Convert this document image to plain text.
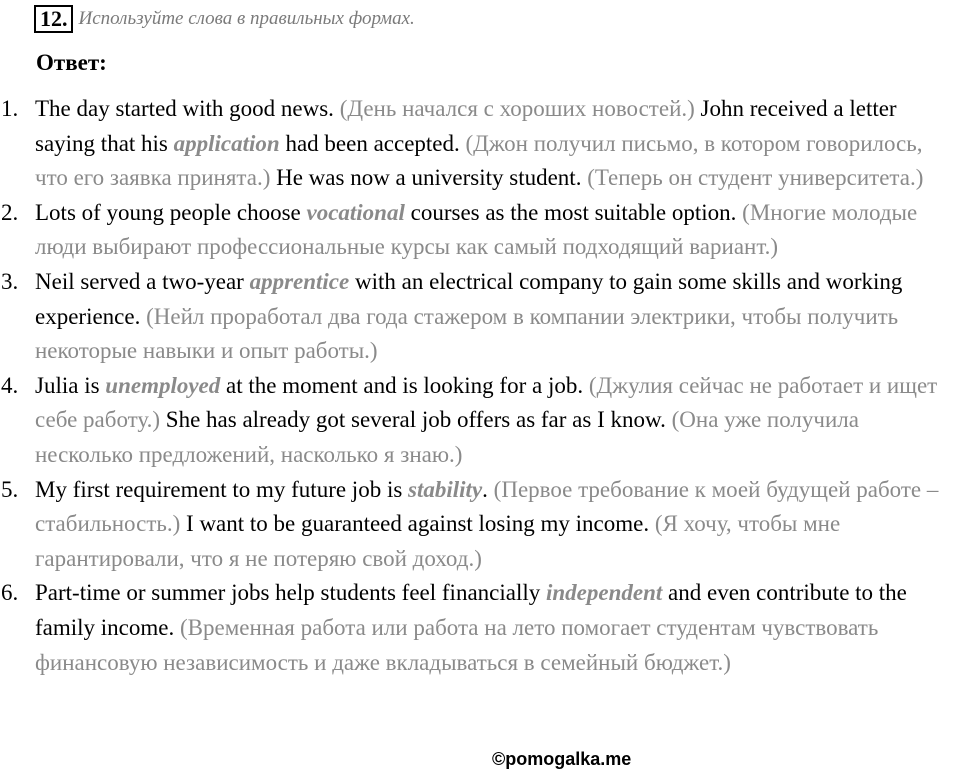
12. Используйте слова в правильных формах.
Ответ:
1. The day started with good news. (День начался с хороших новостей.) John received a letter saying that his application had been accepted. (Джон получил письмо, в котором говорилось, что его заявка принята.) He was now a university student. (Теперь он студент университета.)
2. Lots of young people choose vocational courses as the most suitable option. (Многие молодые люди выбирают профессиональные курсы как самый подходящий вариант.)
3. Neil served a two-year apprentice with an electrical company to gain some skills and working experience. (Нейл проработал два года стажером в компании электрики, чтобы получить некоторые навыки и опыт работы.)
4. Julia is unemployed at the moment and is looking for a job. (Джулия сейчас не работает и ищет себе работу.) She has already got several job offers as far as I know. (Она уже получила несколько предложений, насколько я знаю.)
5. My first requirement to my future job is stability. (Первое требование к моей будущей работе – стабильность.) I want to be guaranteed against losing my income. (Я хочу, чтобы мне гарантировали, что я не потеряю свой доход.)
6. Part-time or summer jobs help students feel financially independent and even contribute to the family income. (Временная работа или работа на лето помогает студентам чувствовать финансовую независимость и даже вкладываться в семейный бюджет.)
©pomogalka.me
